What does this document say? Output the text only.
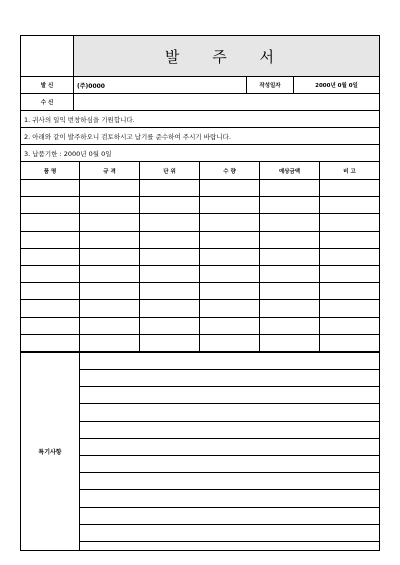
	발 주 서		
발 신	(주)0000	작성일자	2000년 0월 0일
수 신			
1. 귀사의 일익 번창하심을 기원합니다.			
2. 아래와 같이 발주하오니 검토하시고 납기를 준수하여 주시기 바랍니다.			
3. 납품기한 : 2000년 0월 0일			
품 명	규 격	단 위	수 량	예상금액	비 고

특기사항	
